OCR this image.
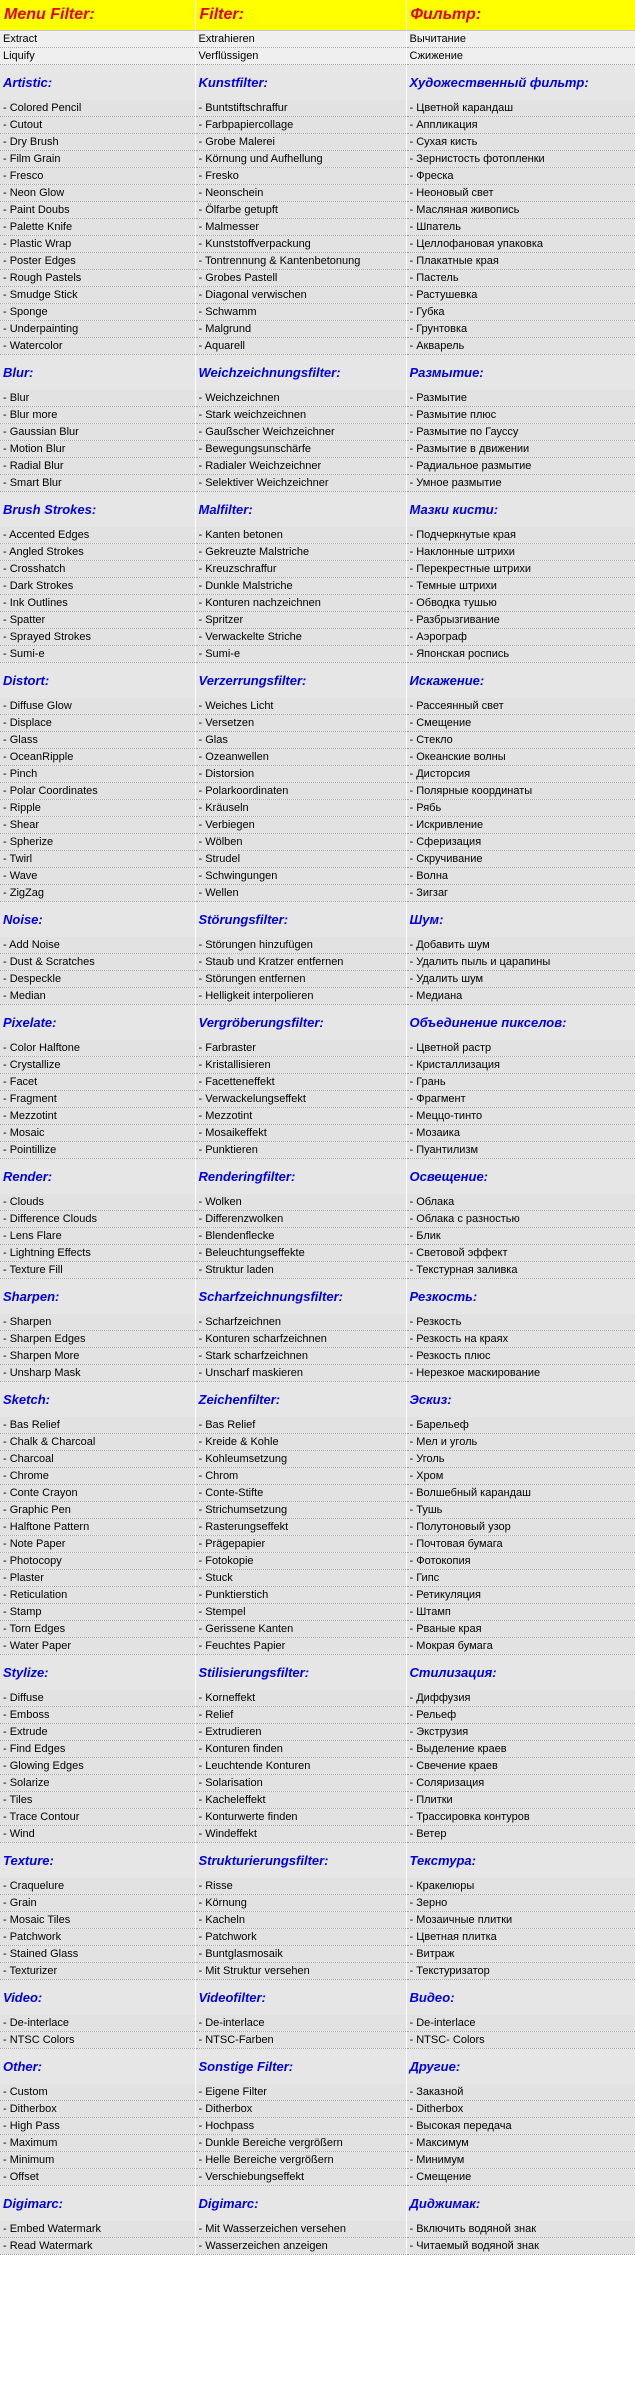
Menu Filter:	Filter:	Фильтр:
Extract	Extrahieren	Вычитание
Liquify	Verflüssigen	Сжижение
Artistic:	Kunstfilter:	Художественный фильтр:
- Colored Pencil	- Buntstiftschraffur	- Цветной карандаш
- Cutout	- Farbpapiercollage	- Аппликация
- Dry Brush	- Grobe Malerei	- Сухая кисть
- Film Grain	- Körnung und Aufhellung	- Зернистость фотопленки
- Fresco	- Fresko	- Фреска
- Neon Glow	- Neonschein	- Неоновый свет
- Paint Doubs	- Ölfarbe getupft	- Масляная живопись
- Palette Knife	- Malmesser	- Шпатель
- Plastic Wrap	- Kunststoffverpackung	- Целлофановая упаковка
- Poster Edges	- Tontrennung & Kantenbetonung	- Плакатные края
- Rough Pastels	- Grobes Pastell	- Пастель
- Smudge Stick	- Diagonal verwischen	- Растушевка
- Sponge	- Schwamm	- Губка
- Underpainting	- Malgrund	- Грунтовка
- Watercolor	- Aquarell	- Акварель
Blur:	Weichzeichnungsfilter:	Размытие:
- Blur	- Weichzeichnen	- Размытие
- Blur more	- Stark weichzeichnen	- Размытие плюс
- Gaussian Blur	- Gaußscher Weichzeichner	- Размытие по Гауссу
- Motion Blur	- Bewegungsunschärfe	- Размытие в движении
- Radial Blur	- Radialer Weichzeichner	- Радиальное размытие
- Smart Blur	- Selektiver Weichzeichner	- Умное размытие
Brush Strokes:	Malfilter:	Мазки кисти:
- Accented Edges	- Kanten betonen	- Подчеркнутые края
- Angled Strokes	- Gekreuzte Malstriche	- Наклонные штрихи
- Crosshatch	- Kreuzschraffur	- Перекрестные штрихи
- Dark Strokes	- Dunkle Malstriche	- Темные штрихи
- Ink Outlines	- Konturen nachzeichnen	- Обводка тушью
- Spatter	- Spritzer	- Разбрызгивание
- Sprayed Strokes	- Verwackelte Striche	- Аэрограф
- Sumi-e	- Sumi-e	- Японская роспись
Distort:	Verzerrungsfilter:	Искажение:
- Diffuse Glow	- Weiches Licht	- Рассеянный свет
- Displace	- Versetzen	- Смещение
- Glass	- Glas	- Стекло
- OceanRipple	- Ozeanwellen	- Океанские волны
- Pinch	- Distorsion	- Дисторсия
- Polar Coordinates	- Polarkoordinaten	- Полярные координаты
- Ripple	- Kräuseln	- Рябь
- Shear	- Verbiegen	- Искривление
- Spherize	- Wölben	- Сферизация
- Twirl	- Strudel	- Скручивание
- Wave	- Schwingungen	- Волна
- ZigZag	- Wellen	- Зигзаг
Noise:	Störungsfilter:	Шум:
- Add Noise	- Störungen hinzufügen	- Добавить шум
- Dust & Scratches	- Staub und Kratzer entfernen	- Удалить пыль и царапины
- Despeckle	- Störungen entfernen	- Удалить шум
- Median	- Helligkeit interpolieren	- Медиана
Pixelate:	Vergröberungsfilter:	Объединение пикселов:
- Color Halftone	- Farbraster	- Цветной растр
- Crystallize	- Kristallisieren	- Кристаллизация
- Facet	- Facetteneffekt	- Грань
- Fragment	- Verwackelungseffekt	- Фрагмент
- Mezzotint	- Mezzotint	- Меццо-тинто
- Mosaic	- Mosaikeffekt	- Мозаика
- Pointillize	- Punktieren	- Пуантилизм
Render:	Renderingfilter:	Освещение:
- Clouds	- Wolken	- Облака
- Difference Clouds	- Differenzwolken	- Облака с разностью
- Lens Flare	- Blendenflecke	- Блик
- Lightning Effects	- Beleuchtungseffekte	- Световой эффект
- Texture Fill	- Struktur laden	- Текстурная заливка
Sharpen:	Scharfzeichnungsfilter:	Резкость:
- Sharpen	- Scharfzeichnen	- Резкость
- Sharpen Edges	- Konturen scharfzeichnen	- Резкость на краях
- Sharpen More	- Stark scharfzeichnen	- Резкость плюс
- Unsharp Mask	- Unscharf maskieren	- Нерезкое маскирование
Sketch:	Zeichenfilter:	Эскиз:
- Bas Relief	- Bas Relief	- Барельеф
- Chalk & Charcoal	- Kreide & Kohle	- Мел и уголь
- Charcoal	- Kohleumsetzung	- Уголь
- Chrome	- Chrom	- Хром
- Conte Crayon	- Conte-Stifte	- Волшебный карандаш
- Graphic Pen	- Strichumsetzung	- Тушь
- Halftone Pattern	- Rasterungseffekt	- Полутоновый узор
- Note Paper	- Prägepapier	- Почтовая бумага
- Photocopy	- Fotokopie	- Фотокопия
- Plaster	- Stuck	- Гипс
- Reticulation	- Punktierstich	- Ретикуляция
- Stamp	- Stempel	- Штамп
- Torn Edges	- Gerissene Kanten	- Рваные края
- Water Paper	- Feuchtes Papier	- Мокрая бумага
Stylize:	Stilisierungsfilter:	Стилизация:
- Diffuse	- Korneffekt	- Диффузия
- Emboss	- Relief	- Рельеф
- Extrude	- Extrudieren	- Экструзия
- Find Edges	- Konturen finden	- Выделение краев
- Glowing Edges	- Leuchtende Konturen	- Свечение краев
- Solarize	- Solarisation	- Соляризация
- Tiles	- Kacheleffekt	- Плитки
- Trace Contour	- Konturwerte finden	- Трассировка контуров
- Wind	- Windeffekt	- Ветер
Texture:	Strukturierungsfilter:	Текстура:
- Craquelure	- Risse	- Кракелюры
- Grain	- Körnung	- Зерно
- Mosaic Tiles	- Kacheln	- Мозаичные плитки
- Patchwork	- Patchwork	- Цветная плитка
- Stained Glass	- Buntglasmosaik	- Витраж
- Texturizer	- Mit Struktur versehen	- Текстуризатор
Video:	Videofilter:	Видео:
- De-interlace	- De-interlace	- De-interlace
- NTSC Colors	- NTSC-Farben	- NTSC- Colors
Other:	Sonstige Filter:	Другие:
- Custom	- Eigene Filter	- Заказной
- Ditherbox	- Ditherbox	- Ditherbox
- High Pass	- Hochpass	- Высокая передача
- Maximum	- Dunkle Bereiche vergrößern	- Максимум
- Minimum	- Helle Bereiche vergrößern	- Минимум
- Offset	- Verschiebungseffekt	- Смещение
Digimarc:	Digimarc:	Диджимак:
- Embed Watermark	- Mit Wasserzeichen versehen	- Включить водяной знак
- Read Watermark	- Wasserzeichen anzeigen	- Читаемый водяной знак
